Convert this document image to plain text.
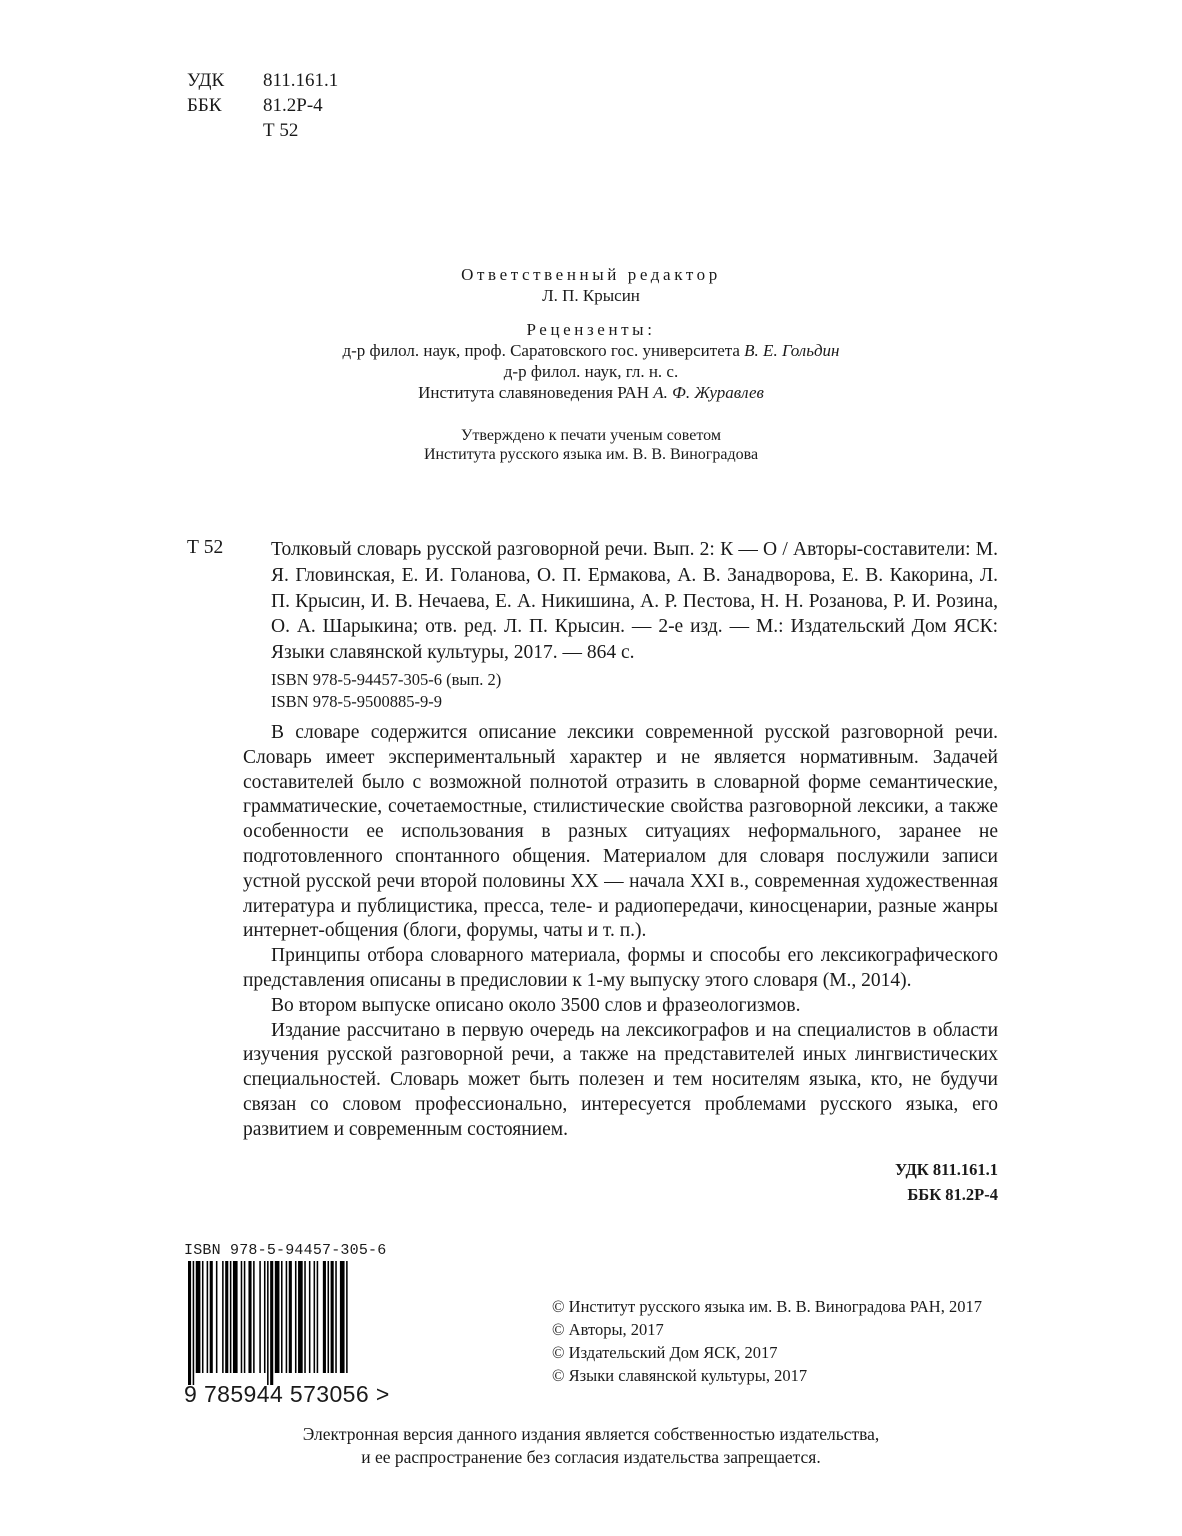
УДК	811.161.1
ББК	81.2Р-4
Т 52
Ответственный редактор
Л. П. Крысин
Рецензенты:
д-р филол. наук, проф. Саратовского гос. университета В. Е. Гольдин
д-р филол. наук, гл. н. с.
Института славяноведения РАН А. Ф. Журавлев
Утверждено к печати ученым советом
Института русского языка им. В. В. Виноградова
Т 52 Толковый словарь русской разговорной речи. Вып. 2: К — О / Авторы-составители: М. Я. Гловинская, Е. И. Голанова, О. П. Ермакова, А. В. Занадворова, Е. В. Какорина, Л. П. Крысин, И. В. Нечаева, Е. А. Никишина, А. Р. Пестова, Н. Н. Розанова, Р. И. Розина, О. А. Шарыкина; отв. ред. Л. П. Крысин. — 2-е изд. — М.: Издательский Дом ЯСК: Языки славянской культуры, 2017. — 864 с.
ISBN 978-5-94457-305-6 (вып. 2)
ISBN 978-5-9500885-9-9

В словаре содержится описание лексики современной русской разговорной речи. Словарь имеет экспериментальный характер и не является нормативным. Задачей составителей было с возможной полнотой отразить в словарной форме семантические, грамматические, сочетаемостные, стилистические свойства разговорной лексики, а также особенности ее использования в разных ситуациях неформального, заранее не подготовленного спонтанного общения. Материалом для словаря послужили записи устной русской речи второй половины XX — начала XXI в., современная художественная литература и публицистика, пресса, теле- и радиопередачи, киносценарии, разные жанры интернет-общения (блоги, форумы, чаты и т. п.).

Принципы отбора словарного материала, формы и способы его лексикографического представления описаны в предисловии к 1-му выпуску этого словаря (М., 2014).

Во втором выпуске описано около 3500 слов и фразеологизмов.

Издание рассчитано в первую очередь на лексикографов и на специалистов в области изучения русской разговорной речи, а также на представителей иных лингвистических специальностей. Словарь может быть полезен и тем носителям языка, кто, не будучи связан со словом профессионально, интересуется проблемами русского языка, его развитием и современным состоянием.

УДК 811.161.1
ББК 81.2Р-4
ISBN 978-5-94457-305-6
9 785944 573056 >
© Институт русского языка им. В. В. Виноградова РАН, 2017
© Авторы, 2017
© Издательский Дом ЯСК, 2017
© Языки славянской культуры, 2017
Электронная версия данного издания является собственностью издательства,
и ее распространение без согласия издательства запрещается.
